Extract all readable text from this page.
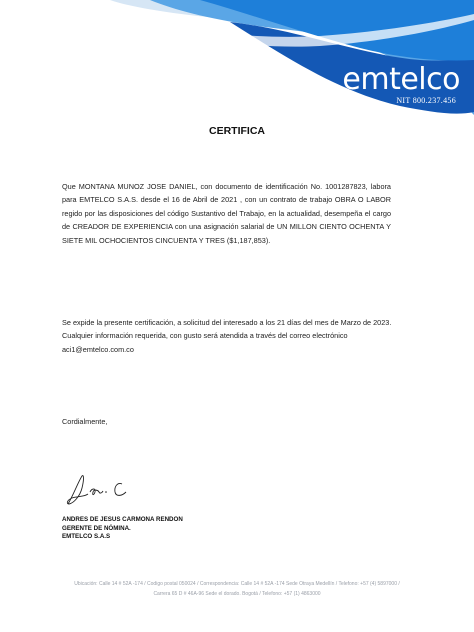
emtelco
NIT 800.237.456
CERTIFICA
Que MONTANA MUNOZ JOSE DANIEL, con documento de identificación No. 1001287823, labora para EMTELCO S.A.S. desde el 16 de Abril de 2021 , con un contrato de trabajo OBRA O LABOR regido por las disposiciones del código Sustantivo del Trabajo, en la actualidad, desempeña el cargo de CREADOR DE EXPERIENCIA con una asignación salarial de UN MILLON CIENTO OCHENTA Y SIETE MIL OCHOCIENTOS CINCUENTA Y TRES ($1,187,853).
Se expide la presente certificación, a solicitud del interesado a los 21 días del mes de Marzo de 2023. Cualquier información requerida, con gusto será atendida a través del correo electrónico aci1@emtelco.com.co
Cordialmente,
ANDRES DE JESUS CARMONA RENDON
GERENTE DE NÓMINA.
EMTELCO S.A.S
Ubicación: Calle 14 # 52A -174 / Codigo postal 050024 / Correspondencia: Calle 14 # 52A -174 Sede Otraya Medellín / Telefono: +57 (4) 5897000 /
Carrera 65 D # 46A-96 Sede el dorado. Bogotá / Telefono: +57 (1) 4863000
